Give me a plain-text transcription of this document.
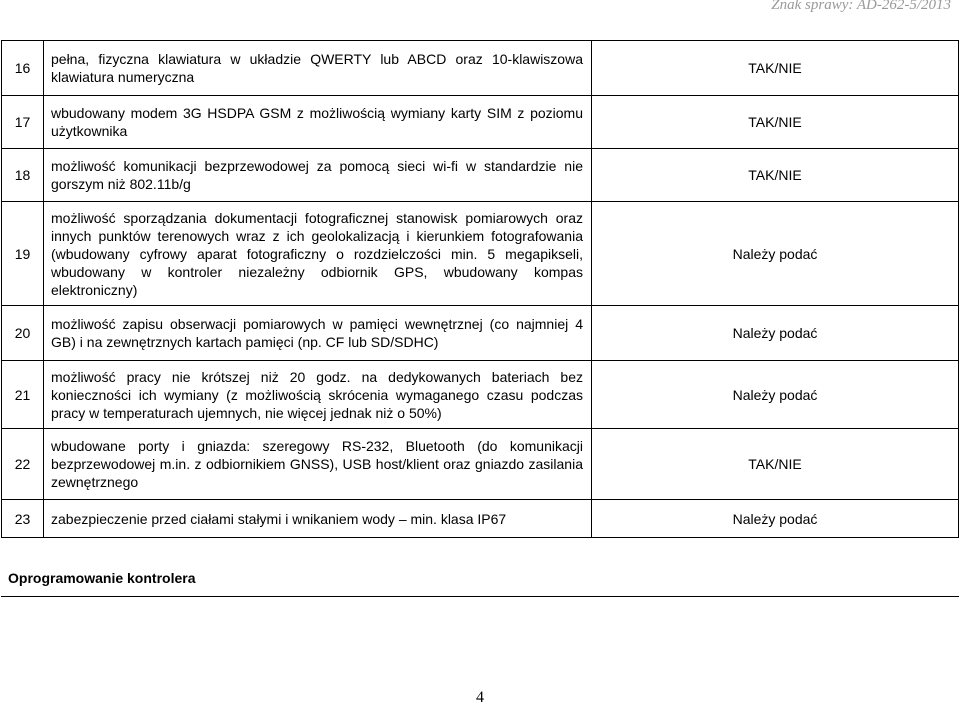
Znak sprawy: AD-262-5/2013
16	pełna, fizyczna klawiatura w układzie QWERTY lub ABCD oraz 10-klawiszowa klawiatura numeryczna	TAK/NIE
17	wbudowany modem 3G HSDPA GSM z możliwością wymiany karty SIM z poziomu użytkownika	TAK/NIE
18	możliwość komunikacji bezprzewodowej za pomocą sieci wi-fi w standardzie nie gorszym niż 802.11b/g	TAK/NIE
19	możliwość sporządzania dokumentacji fotograficznej stanowisk pomiarowych oraz innych punktów terenowych wraz z ich geolokalizacją i kierunkiem fotografowania (wbudowany cyfrowy aparat fotograficzny o rozdzielczości min. 5 megapikseli, wbudowany w kontroler niezależny odbiornik GPS, wbudowany kompas elektroniczny)	Należy podać
20	możliwość zapisu obserwacji pomiarowych w pamięci wewnętrznej (co najmniej 4 GB) i na zewnętrznych kartach pamięci (np. CF lub SD/SDHC)	Należy podać
21	możliwość pracy nie krótszej niż 20 godz. na dedykowanych bateriach bez konieczności ich wymiany (z możliwością skrócenia wymaganego czasu podczas pracy w temperaturach ujemnych, nie więcej jednak niż o 50%)	Należy podać
22	wbudowane porty i gniazda: szeregowy RS-232, Bluetooth (do komunikacji bezprzewodowej m.in. z odbiornikiem GNSS), USB host/klient oraz gniazdo zasilania zewnętrznego	TAK/NIE
23	zabezpieczenie przed ciałami stałymi i wnikaniem wody – min. klasa IP67	Należy podać
Oprogramowanie kontrolera
4
